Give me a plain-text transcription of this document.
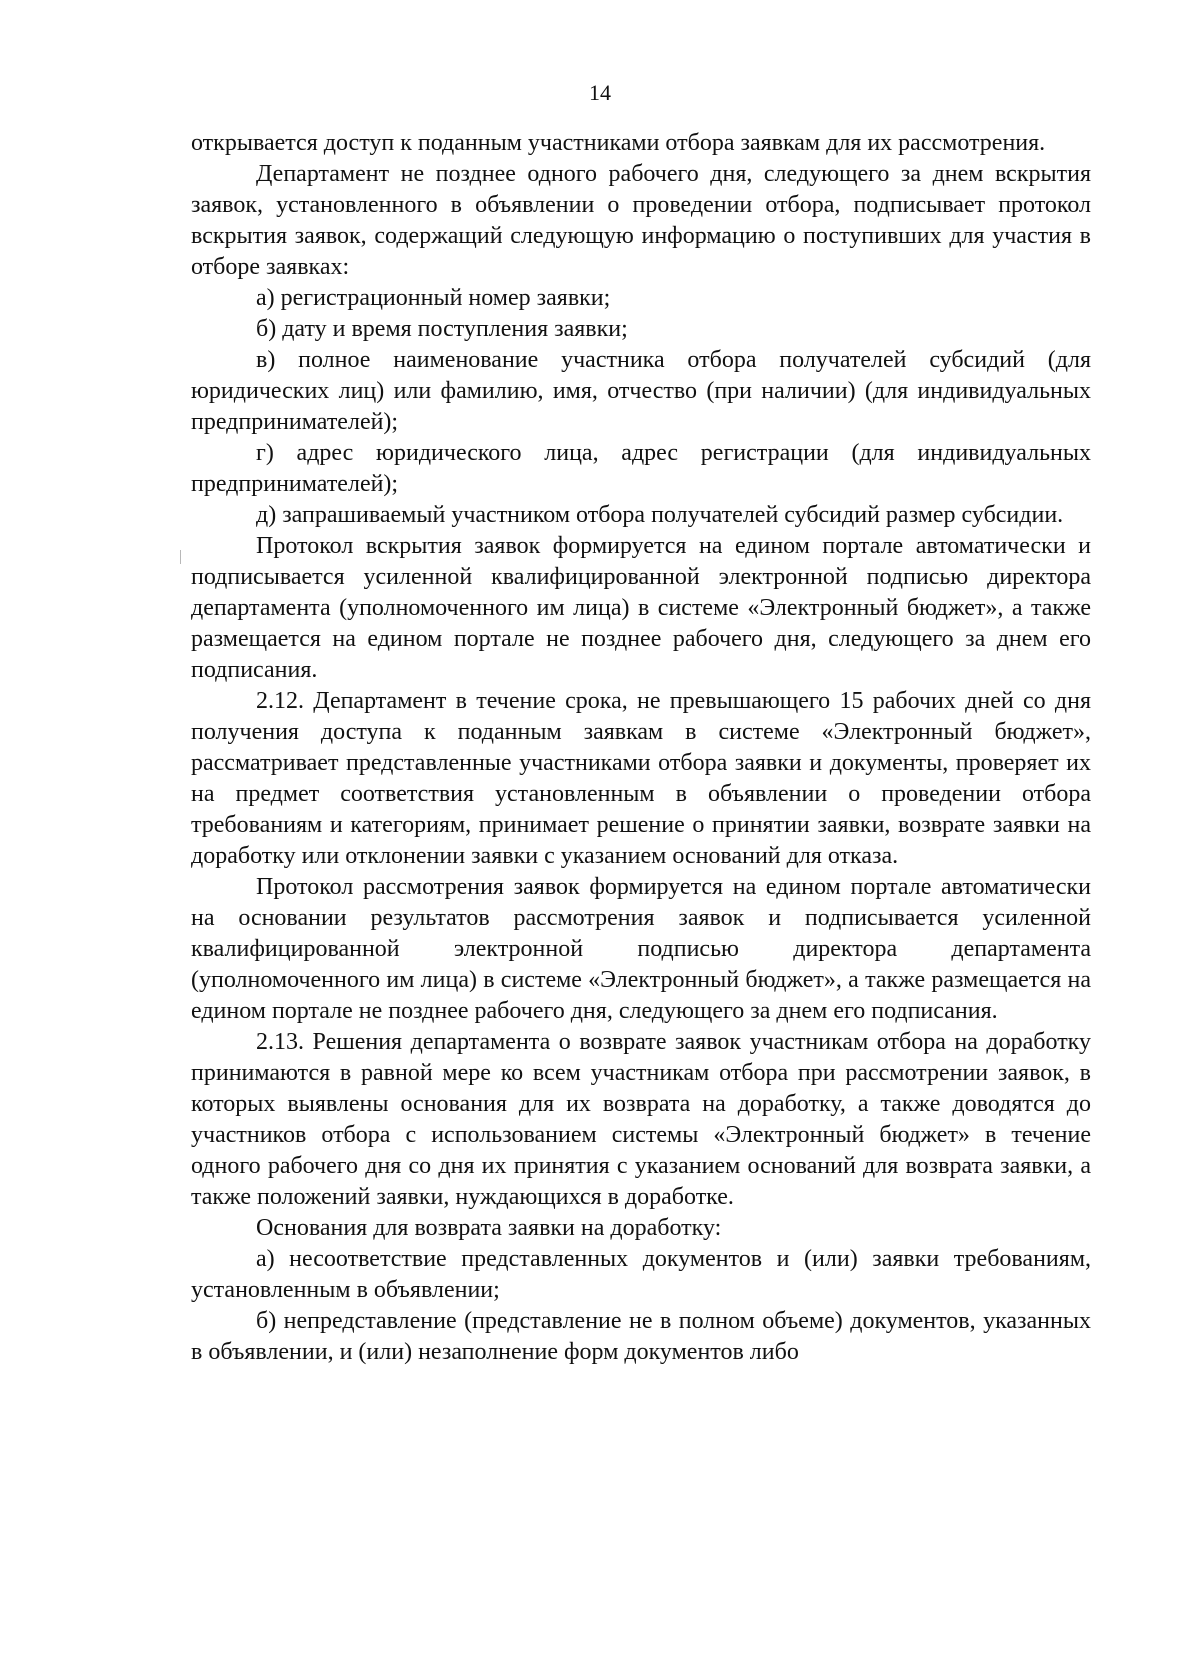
14

открывается доступ к поданным участниками отбора заявкам для их рассмотрения.

Департамент не позднее одного рабочего дня, следующего за днем вскрытия заявок, установленного в объявлении о проведении отбора, подписывает протокол вскрытия заявок, содержащий следующую информацию о поступивших для участия в отборе заявках:

а) регистрационный номер заявки;

б) дату и время поступления заявки;

в) полное наименование участника отбора получателей субсидий (для юридических лиц) или фамилию, имя, отчество (при наличии) (для индивидуальных предпринимателей);

г) адрес юридического лица, адрес регистрации (для индивидуальных предпринимателей);

д) запрашиваемый участником отбора получателей субсидий размер субсидии.

Протокол вскрытия заявок формируется на едином портале автоматически и подписывается усиленной квалифицированной электронной подписью директора департамента (уполномоченного им лица) в системе «Электронный бюджет», а также размещается на едином портале не позднее рабочего дня, следующего за днем его подписания.

2.12. Департамент в течение срока, не превышающего 15 рабочих дней со дня получения доступа к поданным заявкам в системе «Электронный бюджет», рассматривает представленные участниками отбора заявки и документы, проверяет их на предмет соответствия установленным в объявлении о проведении отбора требованиям и категориям, принимает решение о принятии заявки, возврате заявки на доработку или отклонении заявки с указанием оснований для отказа.

Протокол рассмотрения заявок формируется на едином портале автоматически на основании результатов рассмотрения заявок и подписывается усиленной квалифицированной электронной подписью директора департамента (уполномоченного им лица) в системе «Электронный бюджет», а также размещается на едином портале не позднее рабочего дня, следующего за днем его подписания.

2.13. Решения департамента о возврате заявок участникам отбора на доработку принимаются в равной мере ко всем участникам отбора при рассмотрении заявок, в которых выявлены основания для их возврата на доработку, а также доводятся до участников отбора с использованием системы «Электронный бюджет» в течение одного рабочего дня со дня их принятия с указанием оснований для возврата заявки, а также положений заявки, нуждающихся в доработке.

Основания для возврата заявки на доработку:

а) несоответствие представленных документов и (или) заявки требованиям, установленным в объявлении;

б) непредставление (представление не в полном объеме) документов, указанных в объявлении, и (или) незаполнение форм документов либо
